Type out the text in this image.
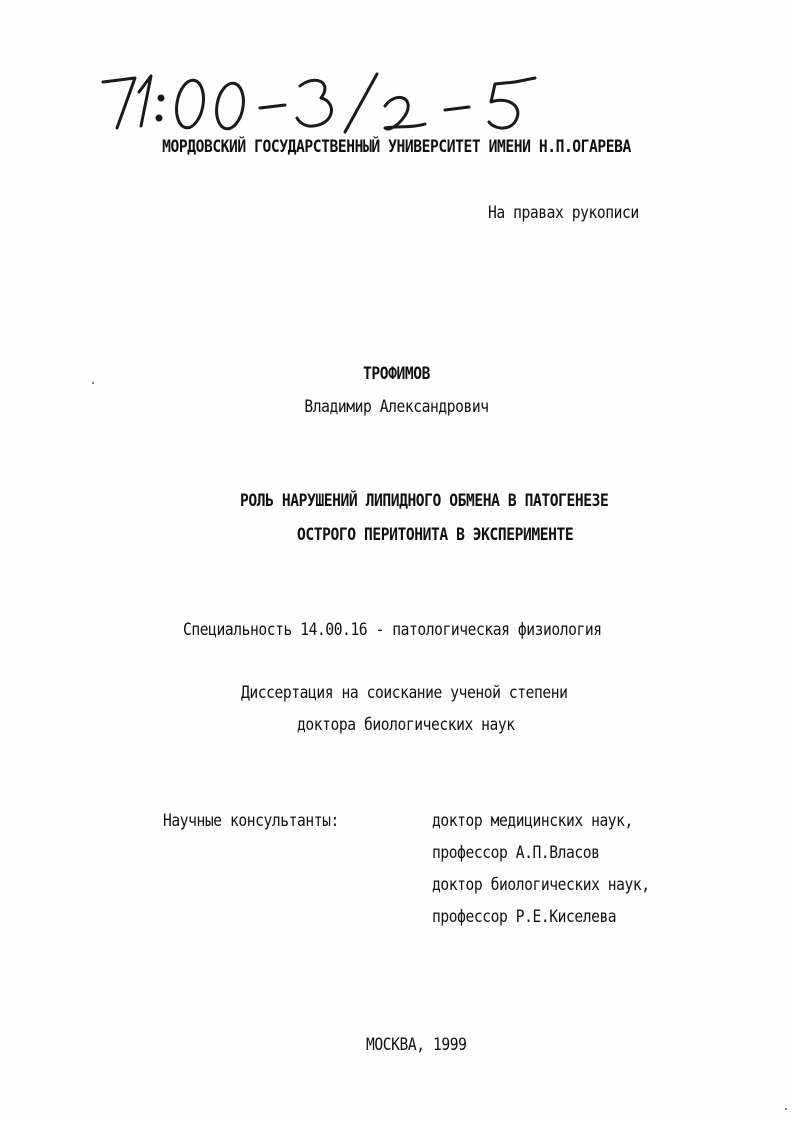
МОРДОВСКИЙ ГОСУДАРСТВЕННЫЙ УНИВЕРСИТЕТ ИМЕНИ Н.П.ОГАРЕВА
На правах рукописи
ТРОФИМОВ
Владимир Александрович
РОЛЬ НАРУШЕНИЙ ЛИПИДНОГО ОБМЕНА В ПАТОГЕНЕЗЕ
ОСТРОГО ПЕРИТОНИТА В ЭКСПЕРИМЕНТЕ
Специальность 14.00.16 - патологическая физиология
Диссертация на соискание ученой степени
доктора биологических наук
Научные консультанты:	доктор медицинских наук,
профессор А.П.Власов
доктор биологических наук,
профессор Р.Е.Киселева
МОСКВА, 1999
